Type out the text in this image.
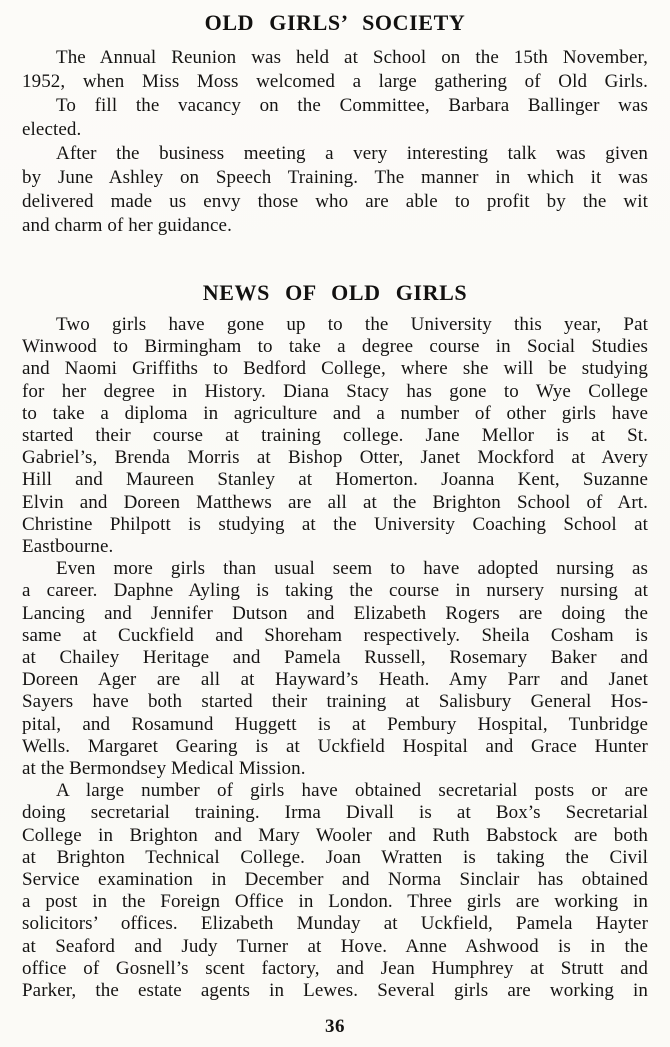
OLD GIRLS’ SOCIETY
The Annual Reunion was held at School on the 15th November,
1952, when Miss Moss welcomed a large gathering of Old Girls.
To fill the vacancy on the Committee, Barbara Ballinger was
elected.
After the business meeting a very interesting talk was given
by June Ashley on Speech Training. The manner in which it was
delivered made us envy those who are able to profit by the wit
and charm of her guidance.
NEWS OF OLD GIRLS
Two girls have gone up to the University this year, Pat
Winwood to Birmingham to take a degree course in Social Studies
and Naomi Griffiths to Bedford College, where she will be studying
for her degree in History. Diana Stacy has gone to Wye College
to take a diploma in agriculture and a number of other girls have
started their course at training college. Jane Mellor is at St.
Gabriel’s, Brenda Morris at Bishop Otter, Janet Mockford at Avery
Hill and Maureen Stanley at Homerton. Joanna Kent, Suzanne
Elvin and Doreen Matthews are all at the Brighton School of Art.
Christine Philpott is studying at the University Coaching School at
Eastbourne.
Even more girls than usual seem to have adopted nursing as
a career. Daphne Ayling is taking the course in nursery nursing at
Lancing and Jennifer Dutson and Elizabeth Rogers are doing the
same at Cuckfield and Shoreham respectively. Sheila Cosham is
at Chailey Heritage and Pamela Russell, Rosemary Baker and
Doreen Ager are all at Hayward’s Heath. Amy Parr and Janet
Sayers have both started their training at Salisbury General Hos-
pital, and Rosamund Huggett is at Pembury Hospital, Tunbridge
Wells. Margaret Gearing is at Uckfield Hospital and Grace Hunter
at the Bermondsey Medical Mission.
A large number of girls have obtained secretarial posts or are
doing secretarial training. Irma Divall is at Box’s Secretarial
College in Brighton and Mary Wooler and Ruth Babstock are both
at Brighton Technical College. Joan Wratten is taking the Civil
Service examination in December and Norma Sinclair has obtained
a post in the Foreign Office in London. Three girls are working in
solicitors’ offices. Elizabeth Munday at Uckfield, Pamela Hayter
at Seaford and Judy Turner at Hove. Anne Ashwood is in the
office of Gosnell’s scent factory, and Jean Humphrey at Strutt and
Parker, the estate agents in Lewes. Several girls are working in
36
